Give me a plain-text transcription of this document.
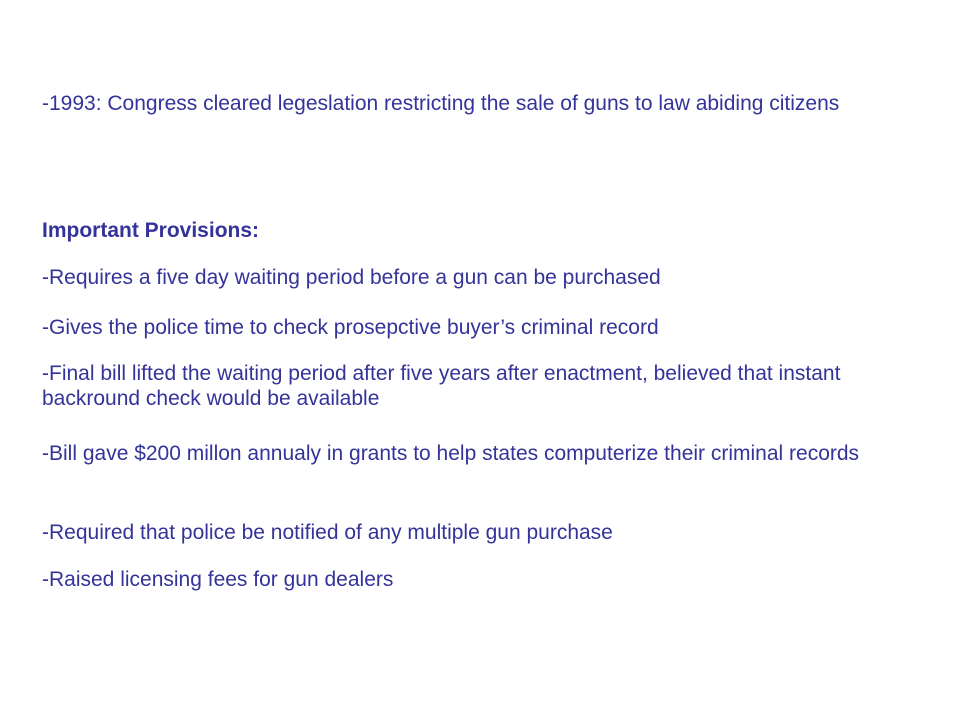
-1993: Congress cleared legeslation restricting the sale of guns to law abiding citizens

Important Provisions:

-Requires a five day waiting period before a gun can be purchased

-Gives the police time to check prosepctive buyer’s criminal record

-Final bill lifted the waiting period after five years after enactment, believed that instant backround check would be available

-Bill gave $200 millon annualy in grants to help states computerize their criminal records

-Required that police be notified of any multiple gun purchase

-Raised licensing fees for gun dealers
